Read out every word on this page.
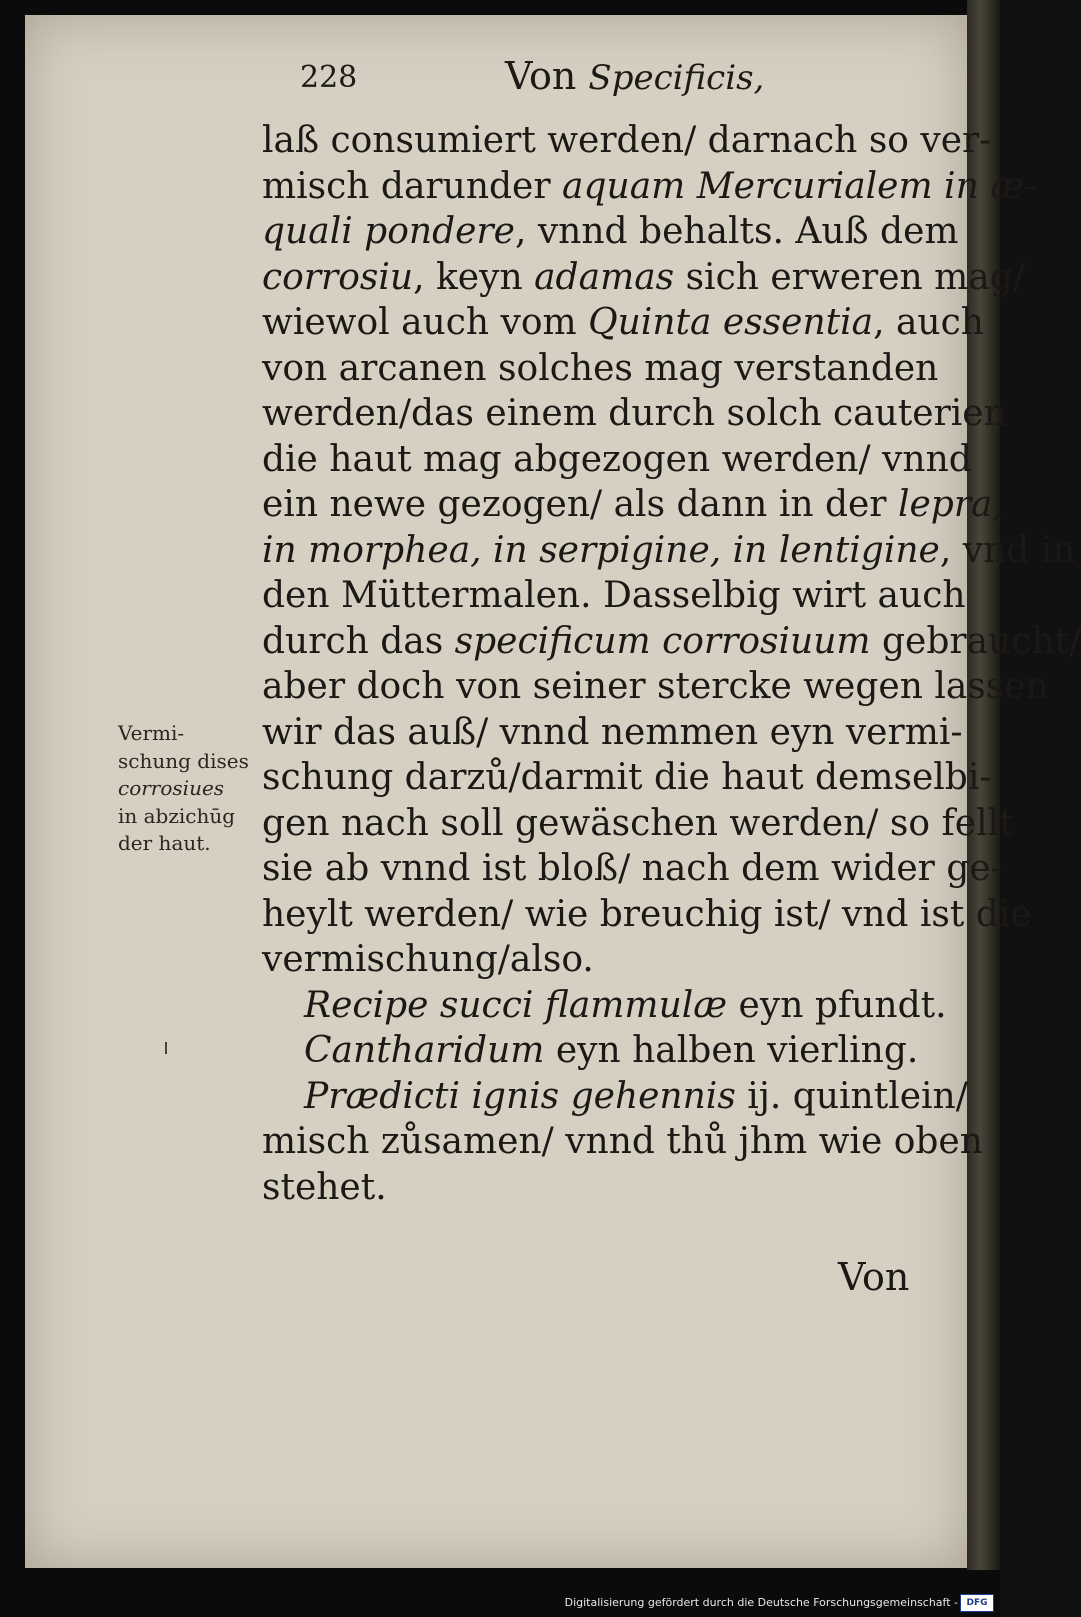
228	Von Specificis,
laß consumiert werden/ darnach so ver-
misch darunder aquam Mercurialem in æ-
quali pondere, vnnd behalts. Auß dem
corrosiu, keyn adamas sich erweren mag/
wiewol auch vom Quinta essentia, auch
von arcanen solches mag verstanden
werden/das einem durch solch cauterien
die haut mag abgezogen werden/ vnnd
ein newe gezogen/ als dann in der lepra,
in morphea, in serpigine, in lentigine, vnd in
den Müttermalen. Dasselbig wirt auch
durch das specificum corrosiuum gebraucht/
aber doch von seiner stercke wegen lassen
wir das auß/ vnnd nemmen eyn vermi-
schung darzů/darmit die haut demselbi-
gen nach soll gewäschen werden/ so fellt
sie ab vnnd ist bloß/ nach dem wider ge-
heylt werden/ wie breuchig ist/ vnd ist die
vermischung/also.
Recipe succi flammulæ eyn pfundt.
Cantharidum eyn halben vierling.
Prædicti ignis gehennis ij. quintlein/
misch zůsamen/ vnnd thů jhm wie oben
stehet.
Von
Vermi-
schung dises
corrosiues
in abzichūg
der haut.
Digitalisierung gefördert durch die Deutsche Forschungsgemeinschaft - DFG
